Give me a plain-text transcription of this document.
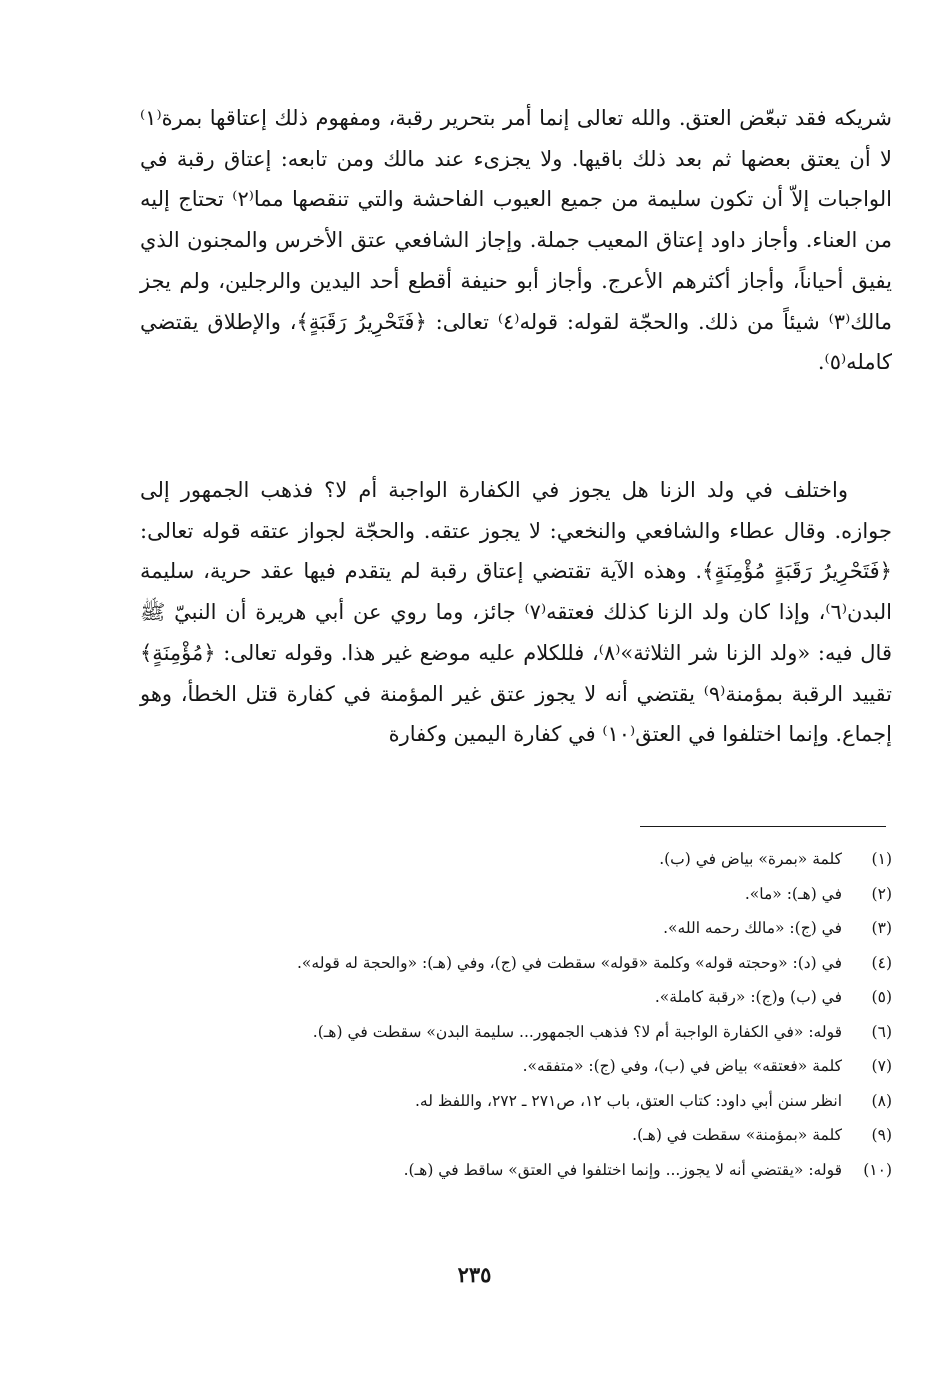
شريكه فقد تبعّض العتق. والله تعالى إنما أمر بتحرير رقبة، ومفهوم ذلك إعتاقها بمرة⁽١⁾ لا أن يعتق بعضها ثم بعد ذلك باقيها. ولا يجزىء عند مالك ومن تابعه: إعتاق رقبة في الواجبات إلاّ أن تكون سليمة من جميع العيوب الفاحشة والتي تنقصها مما⁽٢⁾ تحتاج إليه من العناء. وأجاز داود إعتاق المعيب جملة. وإجاز الشافعي عتق الأخرس والمجنون الذي يفيق أحياناً، وأجاز أكثرهم الأعرج. وأجاز أبو حنيفة أقطع أحد اليدين والرجلين، ولم يجز مالك⁽٣⁾ شيئاً من ذلك. والحجّة لقوله: قوله⁽٤⁾ تعالى: ﴿فَتَحْرِيرُ رَقَبَةٍ﴾، والإطلاق يقتضي كامله⁽٥⁾.

واختلف في ولد الزنا هل يجوز في الكفارة الواجبة أم لا؟ فذهب الجمهور إلى جوازه. وقال عطاء والشافعي والنخعي: لا يجوز عتقه. والحجّة لجواز عتقه قوله تعالى: ﴿فَتَحْرِيرُ رَقَبَةٍ مُؤْمِنَةٍ﴾. وهذه الآية تقتضي إعتاق رقبة لم يتقدم فيها عقد حرية، سليمة البدن⁽٦⁾، وإذا كان ولد الزنا كذلك فعتقه⁽٧⁾ جائز، وما روي عن أبي هريرة أن النبيّ ﷺ قال فيه: «ولد الزنا شر الثلاثة»⁽٨⁾، فللكلام عليه موضع غير هذا. وقوله تعالى: ﴿مُؤْمِنَةٍ﴾ تقييد الرقبة بمؤمنة⁽٩⁾ يقتضي أنه لا يجوز عتق غير المؤمنة في كفارة قتل الخطأ، وهو إجماع. وإنما اختلفوا في العتق⁽١٠⁾ في كفارة اليمين وكفارة

(١)
كلمة «بمرة» بياض في (ب).
(٢)
في (هـ): «ما».
(٣)
في (ج): «مالك رحمه الله».
(٤)
في (د): «وحجته قوله» وكلمة «قوله» سقطت في (ج)، وفي (هـ): «والحجة له قوله».
(٥)
في (ب) و(ج): «رقبة كاملة».
(٦)
قوله: «في الكفارة الواجبة أم لا؟ فذهب الجمهور... سليمة البدن» سقطت في (هـ).
(٧)
كلمة «فعتقه» بياض في (ب)، وفي (ج): «متفقه».
(٨)
انظر سنن أبي داود: كتاب العتق، باب ١٢، ص٢٧١ ـ ٢٧٢، واللفظ له.
(٩)
كلمة «بمؤمنة» سقطت في (هـ).
(١٠)
قوله: «يقتضي أنه لا يجوز... وإنما اختلفوا في العتق» ساقط في (هـ).
٢٣٥
